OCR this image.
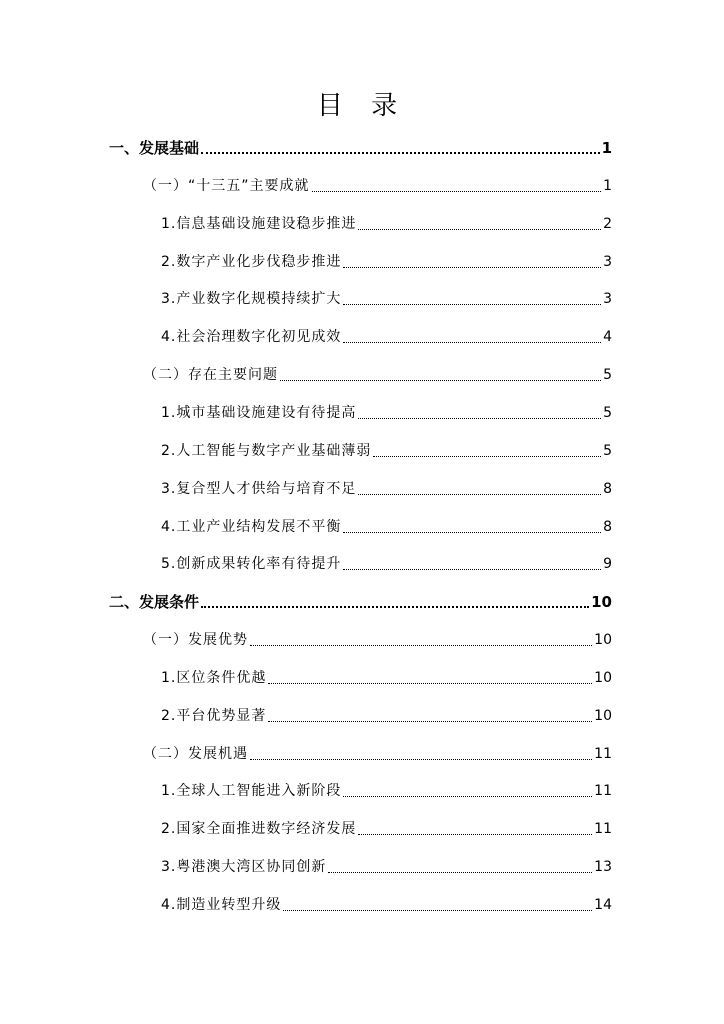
目 录
一、发展基础	1
（一）“十三五”主要成就	1
1.信息基础设施建设稳步推进	2
2.数字产业化步伐稳步推进	3
3.产业数字化规模持续扩大	3
4.社会治理数字化初见成效	4
（二）存在主要问题	5
1.城市基础设施建设有待提高	5
2.人工智能与数字产业基础薄弱	5
3.复合型人才供给与培育不足	8
4.工业产业结构发展不平衡	8
5.创新成果转化率有待提升	9
二、发展条件	10
（一）发展优势	10
1.区位条件优越	10
2.平台优势显著	10
（二）发展机遇	11
1.全球人工智能进入新阶段	11
2.国家全面推进数字经济发展	11
3.粤港澳大湾区协同创新	13
4.制造业转型升级	14
